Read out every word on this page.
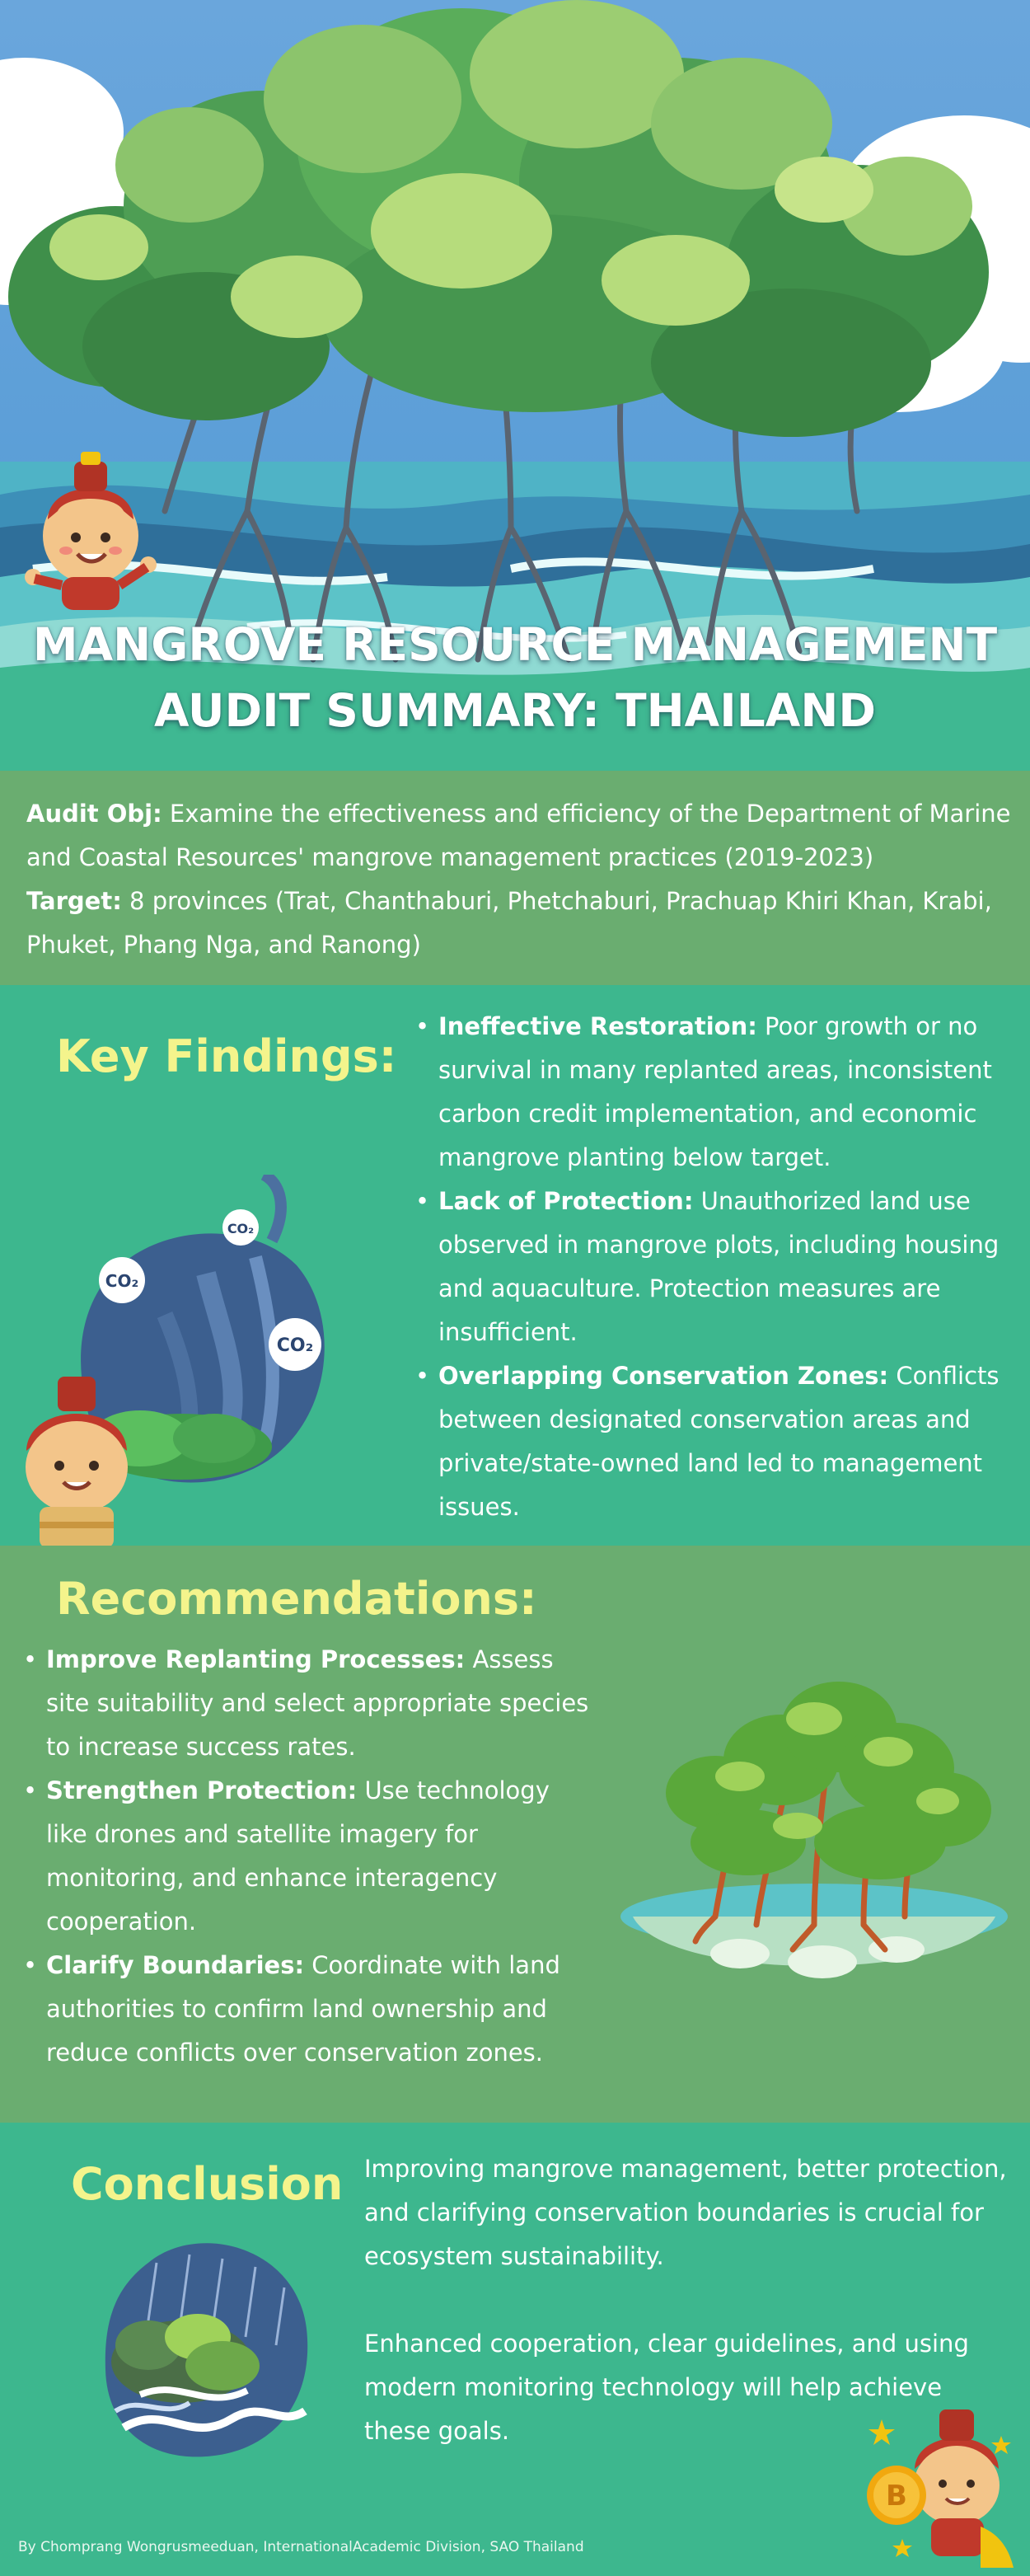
MANGROVE RESOURCE MANAGEMENT
AUDIT SUMMARY: THAILAND
Audit Obj: Examine the effectiveness and efficiency of the Department of Marine and Coastal Resources' mangrove management practices (2019-2023)
Target: 8 provinces (Trat, Chanthaburi, Phetchaburi, Prachuap Khiri Khan, Krabi, Phuket, Phang Nga, and Ranong)
Key Findings:
CO₂
CO₂
CO₂
• Ineffective Restoration: Poor growth or no survival in many replanted areas, inconsistent carbon credit implementation, and economic mangrove planting below target.
• Lack of Protection: Unauthorized land use observed in mangrove plots, including housing and aquaculture. Protection measures are insufficient.
• Overlapping Conservation Zones: Conflicts between designated conservation areas and private/state-owned land led to management issues.
Recommendations:
• Improve Replanting Processes: Assess site suitability and select appropriate species to increase success rates.
• Strengthen Protection: Use technology like drones and satellite imagery for monitoring, and enhance interagency cooperation.
• Clarify Boundaries: Coordinate with land authorities to confirm land ownership and reduce conflicts over conservation zones.
Conclusion Improving mangrove management, better protection, and clarifying conservation boundaries is crucial for ecosystem sustainability.
Enhanced cooperation, clear guidelines, and using modern monitoring technology will help achieve these goals.
B
By Chomprang Wongrusmeeduan, InternationalAcademic Division, SAO Thailand
